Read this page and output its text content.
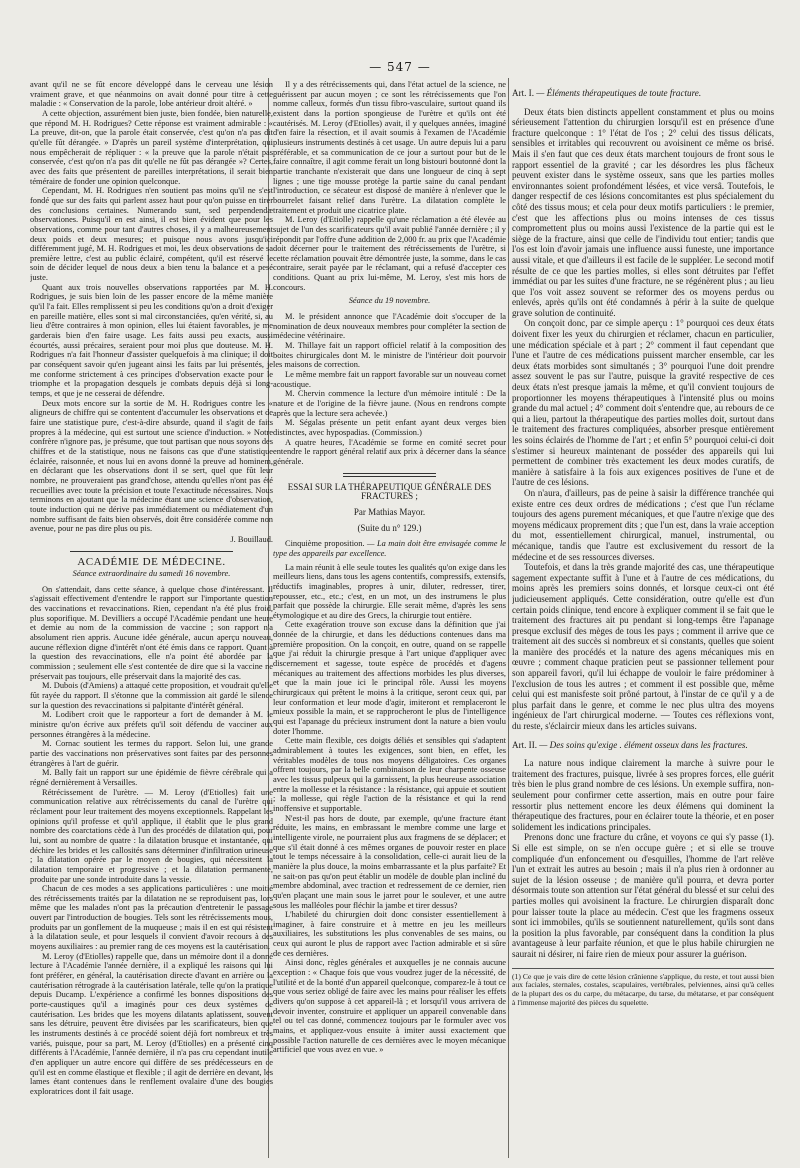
— 547 —

avant qu'il ne se fût encore développé dans le cerveau une lésion vraiment grave, et que néanmoins on avait donné pour titre à cette maladie : « Conservation de la parole, lobe antérieur droit altéré. »

A cette objection, assurément bien juste, bien fondée, bien naturelle, que répond M. H. Rodrigues? Cette réponse est vraiment admirable : « La preuve, dit-on, que la parole était conservée, c'est qu'on n'a pas dit qu'elle fût dérangée. » D'après un pareil système d'interprétation, qui nous empêcherait de répliquer : « la preuve que la parole n'était pas conservée, c'est qu'on n'a pas dit qu'elle ne fût pas dérangée »? Certes, avec des faits que présentent de pareilles interprétations, il serait bien téméraire de fonder une opinion quelconque.

Cependant, M. H. Rodrigues n'en soutient pas moins qu'il ne s'est fondé que sur des faits qui parlent assez haut pour qu'on puisse en tirer des conclusions certaines. Numerando sunt, sed perpendendæ observationes. Puisqu'il en est ainsi, il est bien évident que pour les observations, comme pour tant d'autres choses, il y a malheureusement deux poids et deux mesures; et puisque nous avons jusqu'ici différemment jugé, M. H. Rodrigues et moi, les deux observations de sa première lettre, c'est au public éclairé, compétent, qu'il est réservé le soin de décider lequel de nous deux a bien tenu la balance et a pesé juste.

Quant aux trois nouvelles observations rapportées par M. H. Rodrigues, je suis bien loin de les passer encore de la même manière qu'il l'a fait. Elles remplissent si peu les conditions qu'on a droit d'exiger en pareille matière, elles sont si mal circonstanciées, qu'en vérité, si, au lieu d'être contraires à mon opinion, elles lui étaient favorables, je me garderais bien d'en faire usage. Les faits aussi peu exacts, aussi écourtés, aussi précaires, seraient pour moi plus que douteuse. M. H. Rodrigues n'a fait l'honneur d'assister quelquefois à ma clinique; il doit par conséquent savoir qu'en jugeant ainsi les faits par lui présentés, je me conforme strictement à ces principes d'observation exacte pour le triomphe et la propagation desquels je combats depuis déjà si long-temps, et que je ne cesserai de défendre.

Deux mots encore sur la sortie de M. H. Rodrigues contre les « aligneurs de chiffre qui se contentent d'accumuler les observations et de faire une statistique pure, c'est-à-dire absurde, quand il s'agit de faits propres à la médecine, qui est surtout une science d'induction. » Notre confrère n'ignore pas, je présume, que tout partisan que nous soyons des chiffres et de la statistique, nous ne faisons cas que d'une statistique éclairée, raisonnée, et nous lui en avons donné la preuve ad hominem, en déclarant que les observations dont il se sert, quel que fût leur nombre, ne prouveraient pas grand'chose, attendu qu'elles n'ont pas été recueillies avec toute la précision et toute l'exactitude nécessaires. Nous terminons en ajoutant que la médecine étant une science d'observation, toute induction qui ne dérive pas immédiatement ou médiatement d'un nombre suffisant de faits bien observés, doit être considérée comme non avenue, pour ne pas dire plus ou pis.

J. Bouillaud.

ACADÉMIE DE MÉDECINE.
Séance extraordinaire du samedi 16 novembre.

On s'attendait, dans cette séance, à quelque chose d'intéressant. Il s'agissait effectivement d'entendre le rapport sur l'importante question des vaccinations et revaccinations. Rien, cependant n'a été plus froid, plus soporifique. M. Devilliers a occupé l'Académie pendant une heure et demie au nom de la commission de vaccine ; son rapport n'a absolument rien appris. Aucune idée générale, aucun aperçu nouveau, aucune réflexion digne d'intérêt n'ont été émis dans ce rapport. Quant à la question des revaccinations, elle n'a point été abordée par la commission ; seulement elle s'est contentée de dire que si la vaccine ne préservait pas toujours, elle préservait dans la majorité des cas.

M. Dubois (d'Amiens) a attaqué cette proposition, et voudrait qu'elle fût rayée du rapport. Il s'étonne que la commission ait gardé le silence sur la question des revaccinations si palpitante d'intérêt général.

M. Lodibert croit que le rapporteur a fort de demander à M. le ministre qu'on écrive aux préfets qu'il soit défendu de vacciner aux personnes étrangères à la médecine.

M. Cornac soutient les termes du rapport. Selon lui, une grande partie des vaccinations non préservatives sont faites par des personnes étrangères à l'art de guérir.

M. Bally fait un rapport sur une épidémie de fièvre cérébrale qui a régné dernièrement à Versailles.

Rétrécissement de l'urètre. — M. Leroy (d'Etiolles) fait une communication relative aux rétrécissements du canal de l'urètre qui réclament pour leur traitement des moyens exceptionnels. Rappelant les opinions qu'il professe et qu'il applique, il établit que le plus grand nombre des coarctations cède à l'un des procédés de dilatation qui, pour lui, sont au nombre de quatre : la dilatation brusque et instantanée, qui déchire les brides et les callosités sans déterminer d'infiltration urineuse ; la dilatation opérée par le moyen de bougies, qui nécessitent la dilatation temporaire et progressive ; et la dilatation permanente, produite par une sonde introduite dans la vessie.

Chacun de ces modes a ses applications particulières : une moitié des rétrécissements traités par la dilatation ne se reproduisent pas, lors même que les malades n'ont pas la précaution d'entretenir le passage ouvert par l'introduction de bougies. Tels sont les rétrécissements mous, produits par un gonflement de la muqueuse ; mais il en est qui résistent à la dilatation seule, et pour lesquels il convient d'avoir recours à des moyens auxiliaires : au premier rang de ces moyens est la cautérisation.

M. Leroy (d'Etiolles) rappelle que, dans un mémoire dont il a donné lecture à l'Académie l'année dernière, il a expliqué les raisons qui lui font préférer, en général, la cautérisation directe d'avant en arrière ou la cautérisation rétrograde à la cautérisation latérale, telle qu'on la pratique depuis Ducamp. L'expérience a confirmé les bonnes dispositions des porte-caustiques qu'il a imaginés pour ces deux systèmes de cautérisation. Les brides que les moyens dilatants aplatissent, souvent sans les détruire, peuvent être divisées par les scarificateurs, bien que les instruments destinés à ce procédé soient déjà fort nombreux et très variés, puisque, pour sa part, M. Leroy (d'Etiolles) en a présenté cinq différents à l'Académie, l'année dernière, il n'a pas cru cependant inutile d'en appliquer un autre encore qui diffère de ses prédécesseurs en ce qu'il est en comme élastique et flexible ; il agit de derrière en devant, les lames étant contenues dans le renflement ovalaire d'une des bougies exploratrices dont il fait usage.

Il y a des rétrécissements qui, dans l'état actuel de la science, ne guérissent par aucun moyen ; ce sont les rétrécissements que l'on nomme calleux, formés d'un tissu fibro-vasculaire, surtout quand ils existent dans la portion spongieuse de l'urètre et qu'ils ont été cautérisés. M. Leroy (d'Etiolles) avait, il y quelques années, imaginé d'en faire la résection, et il avait soumis à l'examen de l'Académie plusieurs instruments destinés à cet usage. Un autre depuis lui a paru préférable, et sa communication de ce jour a surtout pour but de le faire connaître, il agit comme ferait un long bistouri boutonné dont la partie tranchante n'existerait que dans une longueur de cinq à sept lignes ; une tige mousse protège la partie saine du canal pendant l'introduction, ce sécateur est disposé de manière à n'enlever que le bourrelet faisant relief dans l'urètre. La dilatation complète le traitement et produit une cicatrice plate.

M. Leroy (d'Etiolle) rappelle qu'une réclamation a été élevée au sujet de l'un des scarificateurs qu'il avait publié l'année dernière ; il y répondit par l'offre d'une addition de 2,000 fr. au prix que l'Académie doit décerner pour le traitement des rétrécissements de l'urètre, si cette réclamation pouvait être démontrée juste, la somme, dans le cas contraire, serait payée par le réclamant, qui a refusé d'accepter ces conditions. Quant au prix lui-même, M. Leroy, s'est mis hors de concours.

Séance du 19 novembre.

M. le président annonce que l'Académie doit s'occuper de la nomination de deux nouveaux membres pour compléter la section de médecine vétérinaire.

M. Thillaye fait un rapport officiel relatif à la composition des boites chirurgicales dont M. le ministre de l'intérieur doit pourvoir les maisons de correction.

Le même membre fait un rapport favorable sur un nouveau cornet acoustique.

M. Chervin commence la lecture d'un mémoire intitulé : De la nature et de l'origine de la fièvre jaune. (Nous en rendrons compte après que la lecture sera achevée.)

M. Ségalas présente un petit enfant ayant deux verges bien distinctes, avec hypospadias. (Commission.)

A quatre heures, l'Académie se forme en comité secret pour entendre le rapport général relatif aux prix à décerner dans la séance générale.

ESSAI SUR LA THÉRAPEUTIQUE GÉNÉRALE DES FRACTURES ;
Par Mathias Mayor.
(Suite du n° 129.)

Cinquième proposition. — La main doit être envisagée comme le type des appareils par excellence.

La main réunit à elle seule toutes les qualités qu'on exige dans les meilleurs liens, dans tous les agens contentifs, compressifs, extensifs, réductifs imaginables, propres à unir, diluter, redresser, tirer, repousser, etc., etc.; c'est, en un mot, un des instrumens le plus parfait que possède la chirurgie. Elle serait même, d'après les sens étymologique et au dire des Grecs, la chirurgie tout entière.

Cette exagération trouve son excuse dans la définition que j'ai donnée de la chirurgie, et dans les déductions contenues dans ma première proposition. On la conçoit, en outre, quand on se rappelle que j'ai réduit la chirurgie presque à l'art unique d'appliquer avec discernement et sagesse, toute espèce de procédés et d'agens mécaniques au traitement des affections morbides les plus diverses, et que la main joue ici le principal rôle. Aussi les moyens chirurgicaux qui prêtent le moins à la critique, seront ceux qui, par leur conformation et leur mode d'agir, imiteront et remplaceront le mieux possible la main, et se rapprocheront le plus de l'intelligence qui est l'apanage du précieux instrument dont la nature a bien voulu doter l'homme.

Cette main flexible, ces doigts déliés et sensibles qui s'adaptent admirablement à toutes les exigences, sont bien, en effet, les véritables modèles de tous nos moyens déligatoires. Ces organes offrent toujours, par la belle combinaison de leur charpente osseuse avec les tissus pulpeux qui la garnissent, la plus heureuse association entre la mollesse et la résistance : la résistance, qui appuie et soutient ; la mollesse, qui règle l'action de la résistance et qui la rend inoffensive et supportable.

N'est-il pas hors de doute, par exemple, qu'une fracture étant réduite, les mains, en embrassant le membre comme une large et intelligente virole, ne pourraient plus aux fragmens de se déplacer; et que s'il était donné à ces mêmes organes de pouvoir rester en place tout le temps nécessaire à la consolidation, celle-ci aurait lieu de la manière la plus douce, la moins embarrassante et la plus parfaite? Et ne sait-on pas qu'on peut établir un modèle de double plan incliné du membre abdominal, avec traction et redressement de ce dernier, rien qu'en plaçant une main sous le jarret pour le soulever, et une autre sous les malléoles pour fléchir la jambe et tirer dessus?

L'habileté du chirurgien doit donc consister essentiellement à imaginer, à faire construire et à mettre en jeu les meilleurs auxiliaires, les substitutions les plus convenables de ses mains, ou ceux qui auront le plus de rapport avec l'action admirable et si sûre de ces dernières.

Ainsi donc, règles générales et auxquelles je ne connais aucune exception : « Chaque fois que vous voudrez juger de la nécessité, de l'utilité et de la bonté d'un appareil quelconque, comparez-le à tout ce que vous seriez obligé de faire avec les mains pour réaliser les effets divers qu'on suppose à cet appareil-là ; et lorsqu'il vous arrivera de devoir inventer, construire et appliquer un appareil convenable dans tel ou tel cas donné, commencez toujours par le formuler avec vos mains, et appliquez-vous ensuite à imiter aussi exactement que possible l'action naturelle de ces dernières avec le moyen mécanique artificiel que vous avez en vue. »

Art. I. — Éléments thérapeutiques de toute fracture.

Deux états bien distincts appellent constamment et plus ou moins sérieusement l'attention du chirurgien lorsqu'il est en présence d'une fracture quelconque : 1° l'état de l'os ; 2° celui des tissus délicats, sensibles et irritables qui recouvrent ou avoisinent ce même os brisé. Mais il s'en faut que ces deux états marchent toujours de front sous le rapport essentiel de la gravité ; car les désordres les plus fâcheux peuvent exister dans le système osseux, sans que les parties molles environnantes soient profondément lésées, et vice versâ. Toutefois, le danger respectif de ces lésions concomitantes est plus spécialement du côté des tissus mous; et cela pour deux motifs particuliers : le premier, c'est que les affections plus ou moins intenses de ces tissus compromettent plus ou moins aussi l'existence de la partie qui est le siège de la fracture, ainsi que celle de l'individu tout entier; tandis que l'os est loin d'avoir jamais une influence aussi funeste, une importance aussi vitale, et que d'ailleurs il est facile de le suppléer. Le second motif résulte de ce que les parties molles, si elles sont détruites par l'effet immédiat ou par les suites d'une fracture, ne se régénèrent plus ; au lieu que l'os voit assez souvent se reformer des os moyens perdus ou enlevés, après qu'ils ont été condamnés à périr à la suite de quelque grave solution de continuité.

On conçoit donc, par ce simple aperçu : 1° pourquoi ces deux états doivent fixer les yeux du chirurgien et réclamer, chacun en particulier, une médication spéciale et à part ; 2° comment il faut cependant que l'une et l'autre de ces médications puissent marcher ensemble, car les deux états morbides sont simultanés ; 3° pourquoi l'une doit prendre assez souvent le pas sur l'autre, puisque la gravité respective de ces deux états n'est presque jamais la même, et qu'il convient toujours de proportionner les moyens thérapeutiques à l'intensité plus ou moins grande du mal actuel ; 4° comment doit s'entendre que, au rebours de ce qui a lieu, partout la thérapeutique des parties molles doit, surtout dans le traitement des fractures compliquées, absorber presque entièrement les soins éclairés de l'homme de l'art ; et enfin 5° pourquoi celui-ci doit s'estimer si heureux maintenant de posséder des appareils qui lui permettent de combiner très exactement les deux modes curatifs, de manière à satisfaire à la fois aux exigences positives de l'une et de l'autre de ces lésions.

On n'aura, d'ailleurs, pas de peine à saisir la différence tranchée qui existe entre ces deux ordres de médications ; c'est que l'un réclame toujours des agens purement mécaniques, et que l'autre n'exige que des moyens médicaux proprement dits ; que l'un est, dans la vraie acception du mot, essentiellement chirurgical, manuel, instrumental, ou mécanique, tandis que l'autre est exclusivement du ressort de la médecine et de ses ressources diverses.

Toutefois, et dans la très grande majorité des cas, une thérapeutique sagement expectante suffit à l'une et à l'autre de ces médications, du moins après les premiers soins donnés, et lorsque ceux-ci ont été judicieusement appliqués. Cette considération, outre qu'elle est d'un certain poids clinique, tend encore à expliquer comment il se fait que le traitement des fractures ait pu pendant si long-temps être l'apanage presque exclusif des mèges de tous les pays ; comment il arrive que ce traitement ait des succès si nombreux et si constants, quelles que soient la manière des procédés et la nature des agens mécaniques mis en œuvre ; comment chaque praticien peut se passionner tellement pour son appareil favori, qu'il lui échappe de vouloir le faire prédominer à l'exclusion de tous les autres ; et comment il est possible que, même celui qui est manisfeste soit prôné partout, à l'instar de ce qu'il y a de plus parfait dans le genre, et comme le nec plus ultra des moyens ingénieux de l'art chirurgical moderne. — Toutes ces réflexions vont, du reste, s'éclaircir mieux dans les articles suivans.

Art. II. — Des soins qu'exige . élément osseux dans les fractures.

La nature nous indique clairement la marche à suivre pour le traitement des fractures, puisque, livrée à ses propres forces, elle guérit très bien le plus grand nombre de ces lésions. Un exemple suffira, non-seulement pour confirmer cette assertion, mais en outre pour faire ressortir plus nettement encore les deux élémens qui dominent la thérapeutique des fractures, pour en éclairer toute la théorie, et en poser solidement les indications principales.

Prenons donc une fracture du crâne, et voyons ce qui s'y passe (1). Si elle est simple, on se n'en occupe guère ; et si elle se trouve compliquée d'un enfoncement ou d'esquilles, l'homme de l'art relève l'un et extrait les autres au besoin ; mais il n'a plus rien à ordonner au sujet de la lésion osseuse ; de manière qu'il pourra, et devra porter désormais toute son attention sur l'état général du blessé et sur celui des parties molles qui avoisinent la fracture. Le chirurgien disparaît donc pour laisser toute la place au médecin. C'est que les fragmens osseux sont ici immobiles, qu'ils se soutiennent naturellement, qu'ils sont dans la position la plus favorable, par conséquent dans la condition la plus avantageuse à leur parfaite réunion, et que le plus habile chirurgien ne saurait ni désirer, ni faire rien de mieux pour assurer la guérison.

(1) Ce que je vais dire de cette lésion crânienne s'applique, du reste, et tout aussi bien aux faciales, sternales, costales, scapulaires, vertébrales, pelviennes, ainsi qu'à celles de la plupart des os du carpe, du métacarpe, du tarse, du métatarse, et par conséquent à l'immense majorité des pièces du squelette.
